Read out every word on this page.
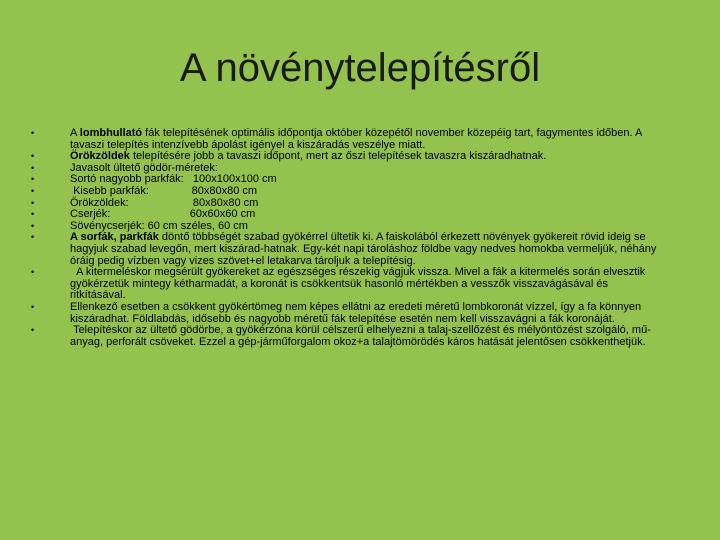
A növénytelepítésről
•	A lombhullató fák telepítésének optimális időpontja október közepétől november közepéig tart, fagymentes időben. A tavaszi telepítés intenzívebb ápolást igényel a kiszáradás veszélye miatt.
•	Örökzöldek telepítésére jobb a tavaszi időpont, mert az őszi telepítések tavaszra kiszáradhatnak.
•	Javasolt ültető gödör-méretek:
•	Sortó nagyobb parkfák:   100x100x100 cm
•	Kisebb parkfák:              80x80x80 cm
•	Örökzöldek:                     80x80x80 cm
•	Cserjék:                          60x60x60 cm
•	Sövénycserjék: 60 cm széles, 60 cm
•	A sorfák, parkfák döntő többségét szabad gyökérrel ültetik ki. A faiskolából érkezett növények gyökereit rövid ideig se hagyjuk szabad levegőn, mert kiszárad-hatnak. Egy-két napi tároláshoz földbe vagy nedves homokba vermeljük, néhány óráig pedig vízben vagy vizes szövet+el letakarva tároljuk a telepítésig.
•	A kitermeléskor megsérült gyökereket az egészséges részekig vágjuk vissza. Mivel a fák a kitermelés során elvesztik gyökérzetük mintegy kétharmadát, a koronát is csökkentsük hasonló mértékben a vesszők visszavágásával és ritkításával.
•	Ellenkező esetben a csökkent gyökértömeg nem képes ellátni az eredeti méretű lombkoronát vízzel, így a fa könnyen kiszáradhat. Földlabdás, idősebb és nagyobb méretű fák telepítése esetén nem kell visszavágni a fák koronáját.
•	Telepítéskor az ültető gödörbe, a gyökérzóna körül célszerű elhelyezni a talaj-szellőzést és mélyöntözést szolgáló, mű-anyag, perforált csöveket. Ezzel a gép-járműforgalom okoz+a talajtömörödés káros hatását jelentősen csökkenthetjük.
